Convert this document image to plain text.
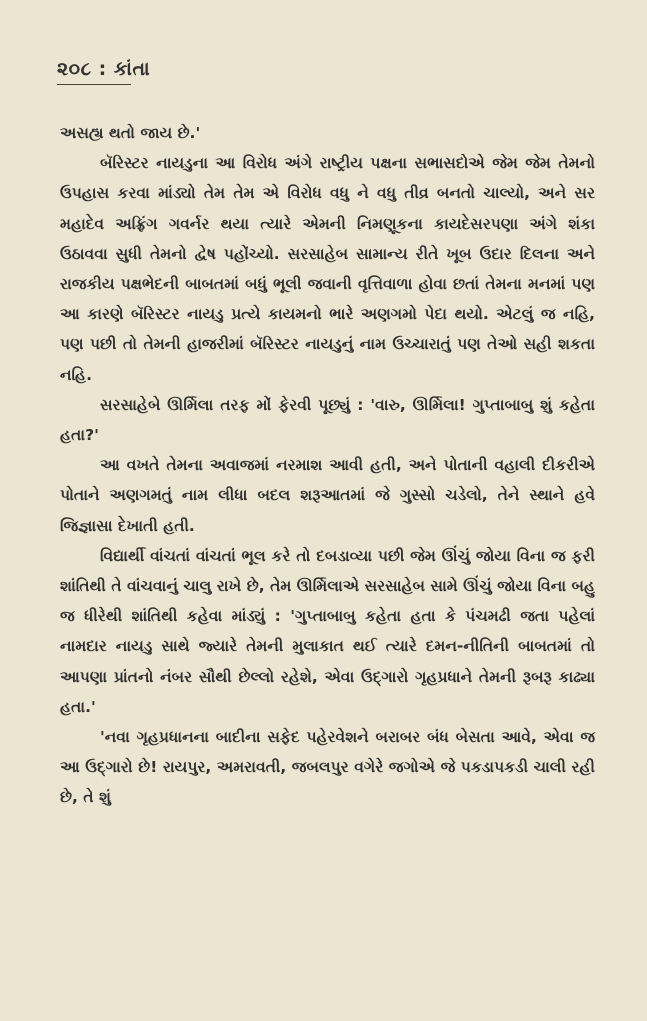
૨૦૮ : કાંતા

અસહ્ય થતો જાય છે.'

બૅરિસ્ટર નાયડુના આ વિરોધ અંગે રાષ્ટ્રીય પક્ષના સભાસદોએ જેમ જેમ તેમનો ઉપહાસ કરવા માંડ્યો તેમ તેમ એ વિરોધ વધુ ને વધુ તીવ્ર બનતો ચાલ્યો, અને સર મહાદેવ અફ્રિંગ ગવર્નર થયા ત્યારે એમની નિમણૂકના કાયદેસરપણા અંગે શંકા ઉઠાવવા સુધી તેમનો દ્વેષ પહોંચ્યો. સરસાહેબ સામાન્ય રીતે ખૂબ ઉદાર દિલના અને રાજકીય પક્ષભેદની બાબતમાં બધું ભૂલી જવાની વૃત્તિવાળા હોવા છતાં તેમના મનમાં પણ આ કારણે બૅરિસ્ટર નાયડુ પ્રત્યે કાયમનો ભારે અણગમો પેદા થયો. એટલું જ નહિ, પણ પછી તો તેમની હાજરીમાં બૅરિસ્ટર નાયડુનું નામ ઉચ્ચારાતું પણ તેઓ સહી શકતા નહિ.

સરસાહેબે ઊર્મિલા તરફ મોં ફેરવી પૂછ્યું : 'વારુ, ઊર્મિલા! ગુપ્તાબાબુ શું કહેતા હતા?'

આ વખતે તેમના અવાજમાં નરમાશ આવી હતી, અને પોતાની વહાલી દીકરીએ પોતાને અણગમતું નામ લીધા બદલ શરૂઆતમાં જે ગુસ્સો ચડેલો, તેને સ્થાને હવે જિજ્ઞાસા દેખાતી હતી.

વિદ્યાર્થી વાંચતાં વાંચતાં ભૂલ કરે તો દબડાવ્યા પછી જેમ ઊંચું જોયા વિના જ ફરી શાંતિથી તે વાંચવાનું ચાલુ રાખે છે, તેમ ઊર્મિલાએ સરસાહેબ સામે ઊંચું જોયા વિના બહુ જ ધીરેથી શાંતિથી કહેવા માંડ્યું : 'ગુપ્તાબાબુ કહેતા હતા કે પંચમઢી જતા પહેલાં નામદાર નાયડુ સાથે જ્યારે તેમની મુલાકાત થઈ ત્યારે દમન-નીતિની બાબતમાં તો આપણા પ્રાંતનો નંબર સૌથી છેલ્લો રહેશે, એવા ઉદ્ગારો ગૃહપ્રધાને તેમની રૂબરૂ કાઢ્યા હતા.'

'નવા ગૃહપ્રધાનના બાદીના સફેદ પહેરવેશને બરાબર બંધ બેસતા આવે, એવા જ આ ઉદ્ગારો છે! રાયપુર, અમરાવતી, જબલપુર વગેરે જગોએ જે પકડાપકડી ચાલી રહી છે, તે શું
